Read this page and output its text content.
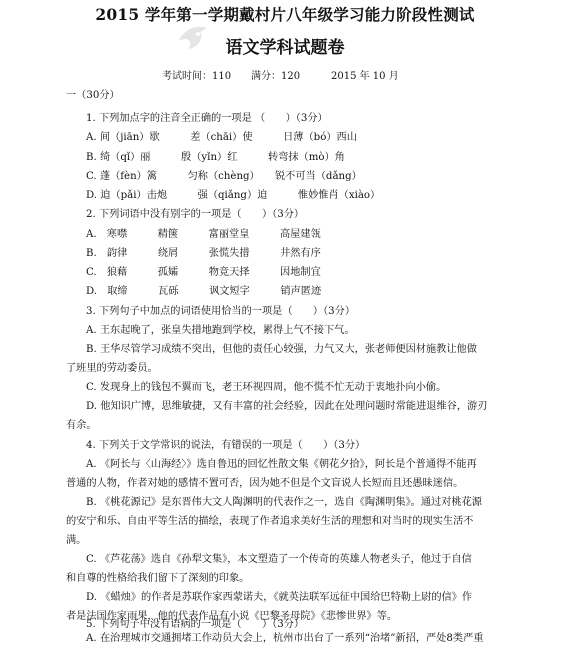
2015 学年第一学期戴村片八年级学习能力阶段性测试
语文学科试题卷
考试时间：110 满分：120	2015 年 10 月
一（30分）
1. 下列加点字的注音全正确的一项是 （　　）（3分）
A. 间（jiān）歇　　　差（chāi）使　　　日薄（bó）西山
B. 绮（qǐ）丽　　　殷（yǐn）红　　　转弯抹（mò）角
C. 蓬（fèn）篱　　　匀称（chèng）　　锐不可当（dǎng）
D. 迫（pǎi）击炮　　　强（qiǎng）迫　　　惟妙惟肖（xiào）
2. 下列词语中没有别字的一项是（　　）（3分）
A.　寒噤　　　精箧　　　富丽堂皇　　　高屋建瓴
B.　韵律　　　绕屑　　　张慌失措　　　井然有序
C.　狼藉　　　孤孀　　　物竞天择　　　因地制宜
D.　取缔　　　瓦砾　　　讽文短字　　　销声匿迹
3. 下列句子中加点的词语使用恰当的一项是（　　）（3分）
A. 王东起晚了，张皇失措地跑到学校，累得上气不接下气。
B. 王华尽管学习成绩不突出，但他的责任心较强，力气又大，张老师便因材施教让他做
了班里的劳动委员。
C. 发现身上的钱包不翼而飞，老王环视四周，他不慌不忙无动于衷地扑向小偷。
D. 他知识广博，思维敏捷，又有丰富的社会经验，因此在处理问题时常能进退维谷，游刃
有余。
4. 下列关于文学常识的说法，有错误的一项是（　　）（3分）
A. 《阿长与〈山海经〉》选自鲁迅的回忆性散文集《朝花夕拾》，阿长是个普通得不能再
普通的人物，作者对她的感情不置可否，因为她不但是个文盲说人长短而且还愚昧迷信。
B. 《桃花源记》是东晋伟大文人陶渊明的代表作之一，选自《陶渊明集》。通过对桃花源
的安宁和乐、自由平等生活的描绘，表现了作者追求美好生活的理想和对当时的现实生活不
满。
C. 《芦花荡》选自《孙犁文集》，本文塑造了一个传奇的英雄人物老头子，他过于自信
和自尊的性格给我们留下了深刻的印象。
D. 《蜡烛》的作者是苏联作家西蒙诺夫，《就英法联军远征中国给巴特勒上尉的信》作
者是法国作家雨果，他的代表作品有小说《巴黎圣母院》《悲惨世界》等。
5. 下列句子中没有语病的一项是（　　）（3分）
A. 在治理城市交通拥堵工作动员大会上，杭州市出台了一系列“治堵”新招，严处8类严重
